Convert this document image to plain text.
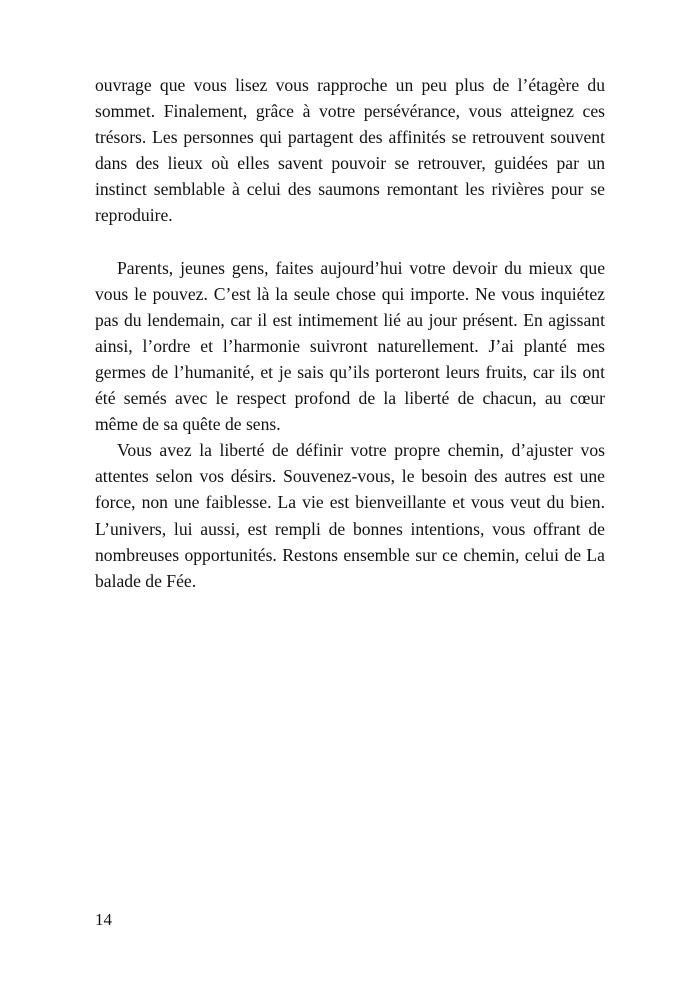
ouvrage que vous lisez vous rapproche un peu plus de l’étagère du sommet. Finalement, grâce à votre persévérance, vous atteignez ces trésors. Les personnes qui partagent des affinités se retrouvent souvent dans des lieux où elles savent pouvoir se retrouver, guidées par un instinct semblable à celui des saumons remontant les rivières pour se reproduire.

Parents, jeunes gens, faites aujourd’hui votre devoir du mieux que vous le pouvez. C’est là la seule chose qui importe. Ne vous inquiétez pas du lendemain, car il est intimement lié au jour présent. En agissant ainsi, l’ordre et l’harmonie suivront naturellement. J’ai planté mes germes de l’humanité, et je sais qu’ils porteront leurs fruits, car ils ont été semés avec le respect profond de la liberté de chacun, au cœur même de sa quête de sens.

Vous avez la liberté de définir votre propre chemin, d’ajuster vos attentes selon vos désirs. Souvenez-vous, le besoin des autres est une force, non une faiblesse. La vie est bienveillante et vous veut du bien. L’univers, lui aussi, est rempli de bonnes intentions, vous offrant de nombreuses opportunités. Restons ensemble sur ce chemin, celui de La balade de Fée.

14
